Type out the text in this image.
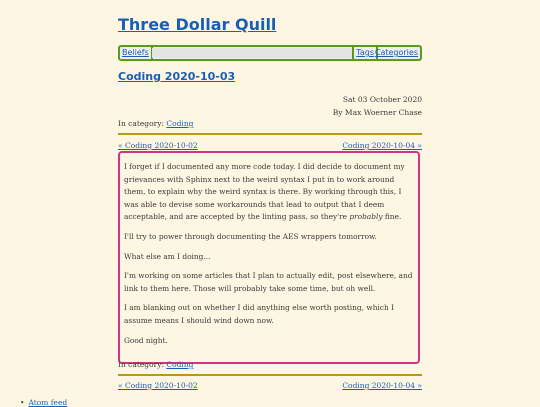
Three Dollar Quill
Beliefs	Tags Categories
Coding 2020-10-03
Sat 03 October 2020
By Max Woerner Chase
In category: Coding
« Coding 2020-10-02	Coding 2020-10-04 »

I forget if I documented any more code today. I did decide to document my grievances with Sphinx next to the weird syntax I put in to work around them, to explain why the weird syntax is there. By working through this, I was able to devise some workarounds that lead to output that I deem acceptable, and are accepted by the linting pass, so they're probably fine.

I'll try to power through documenting the AES wrappers tomorrow.

What else am I doing...

I'm working on some articles that I plan to actually edit, post elsewhere, and link to them here. Those will probably take some time, but oh well.

I am blanking out on whether I did anything else worth posting, which I assume means I should wind down now.

Good night.

In category: Coding
« Coding 2020-10-02	Coding 2020-10-04 »
• Atom feed
